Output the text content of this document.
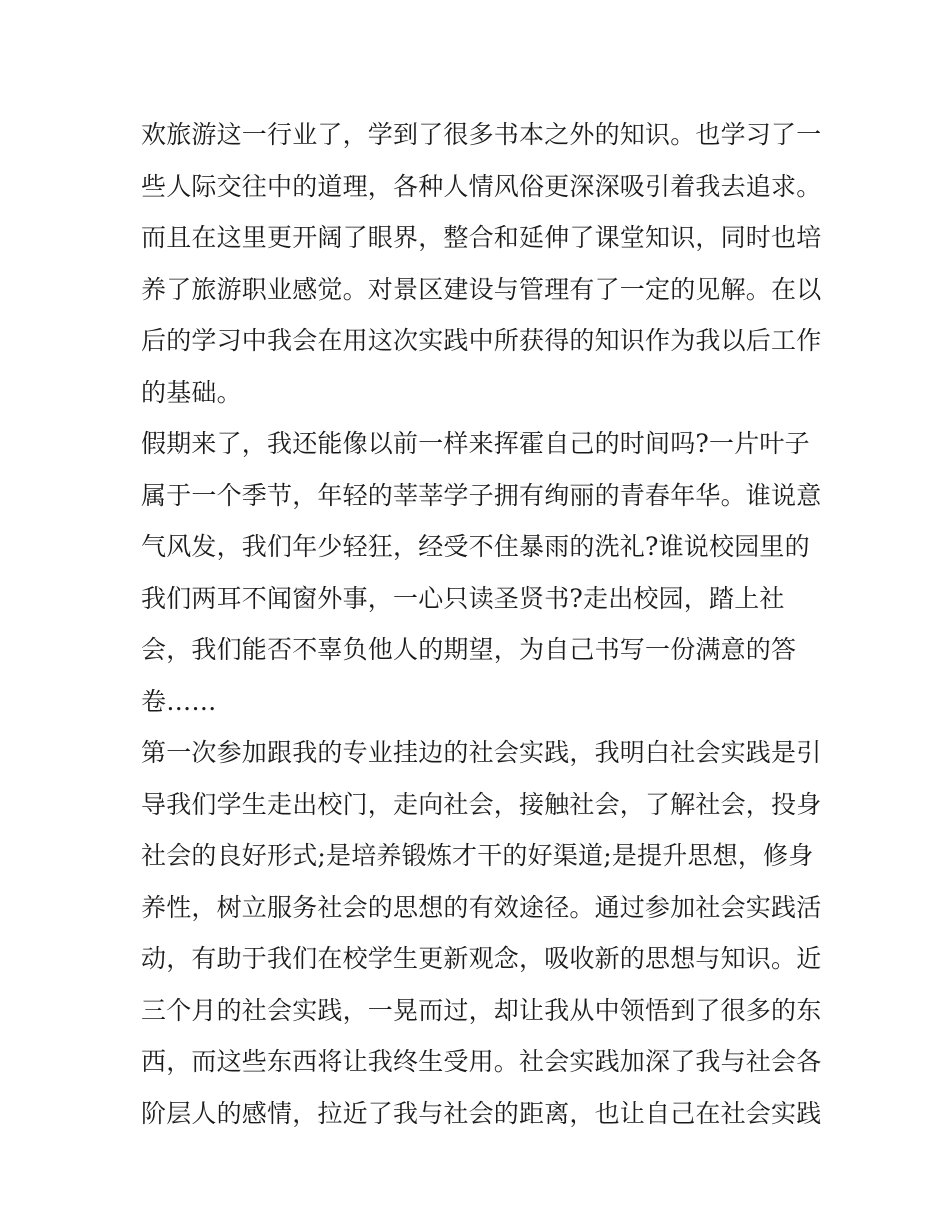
欢旅游这一行业了，学到了很多书本之外的知识。也学习了一
些人际交往中的道理，各种人情风俗更深深吸引着我去追求。
而且在这里更开阔了眼界，整合和延伸了课堂知识，同时也培
养了旅游职业感觉。对景区建设与管理有了一定的见解。在以
后的学习中我会在用这次实践中所获得的知识作为我以后工作
的基础。
假期来了，我还能像以前一样来挥霍自己的时间吗?一片叶子
属于一个季节，年轻的莘莘学子拥有绚丽的青春年华。谁说意
气风发，我们年少轻狂，经受不住暴雨的洗礼?谁说校园里的
我们两耳不闻窗外事，一心只读圣贤书?走出校园，踏上社
会，我们能否不辜负他人的期望，为自己书写一份满意的答
卷……
第一次参加跟我的专业挂边的社会实践，我明白社会实践是引
导我们学生走出校门，走向社会，接触社会，了解社会，投身
社会的良好形式;是培养锻炼才干的好渠道;是提升思想，修身
养性，树立服务社会的思想的有效途径。通过参加社会实践活
动，有助于我们在校学生更新观念，吸收新的思想与知识。近
三个月的社会实践，一晃而过，却让我从中领悟到了很多的东
西，而这些东西将让我终生受用。社会实践加深了我与社会各
阶层人的感情，拉近了我与社会的距离，也让自己在社会实践
